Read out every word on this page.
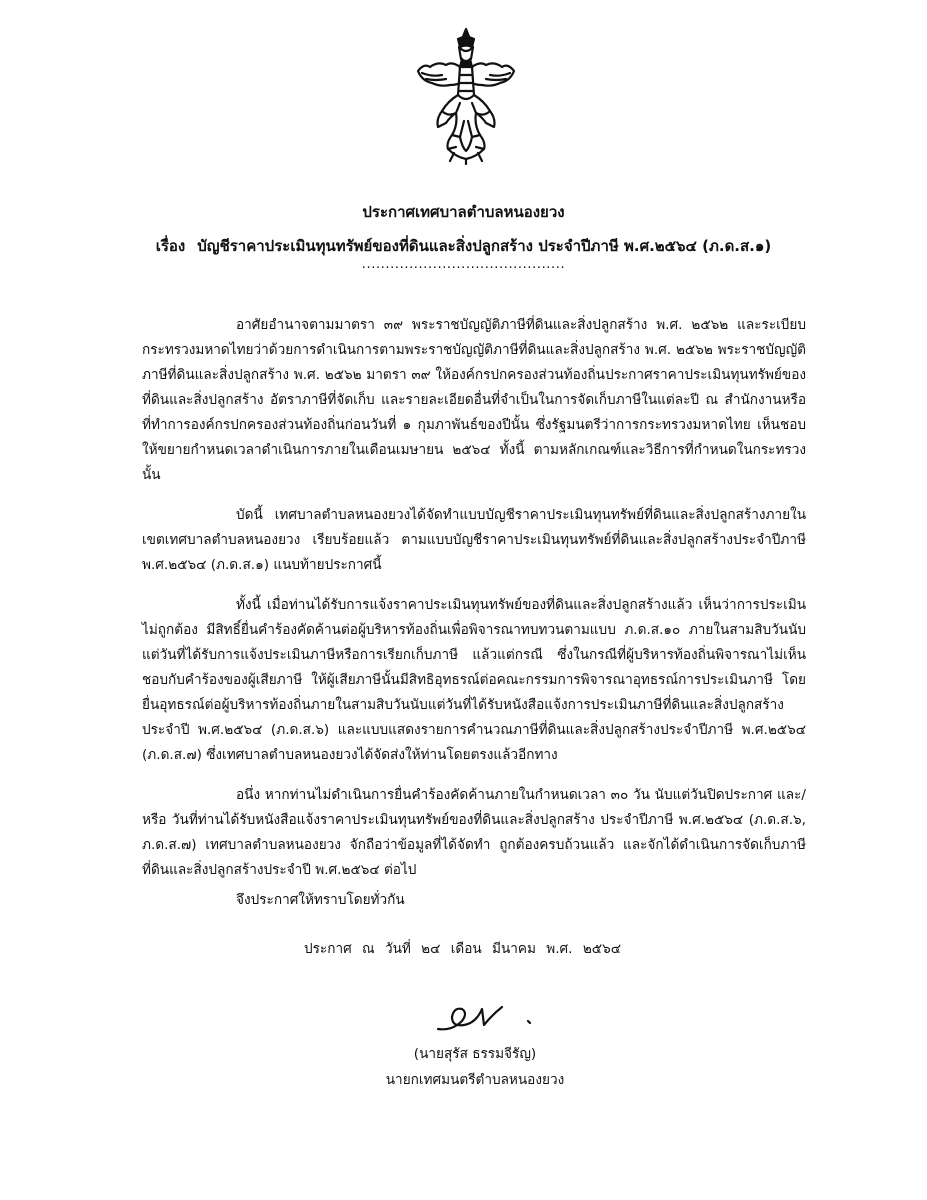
ประกาศเทศบาลตำบลหนองยวง
เรื่อง บัญชีราคาประเมินทุนทรัพย์ของที่ดินและสิ่งปลูกสร้าง ประจำปีภาษี พ.ศ.๒๕๖๔ (ภ.ด.ส.๑)
...........................................

อาศัยอำนาจตามมาตรา ๓๙ พระราชบัญญัติภาษีที่ดินและสิ่งปลูกสร้าง พ.ศ. ๒๕๖๒ และระเบียบกระทรวงมหาดไทยว่าด้วยการดำเนินการตามพระราชบัญญัติภาษีที่ดินและสิ่งปลูกสร้าง พ.ศ. ๒๕๖๒ พระราชบัญญัติภาษีที่ดินและสิ่งปลูกสร้าง พ.ศ. ๒๕๖๒ มาตรา ๓๙ ให้องค์กรปกครองส่วนท้องถิ่นประกาศราคาประเมินทุนทรัพย์ของที่ดินและสิ่งปลูกสร้าง อัตราภาษีที่จัดเก็บ และรายละเอียดอื่นที่จำเป็นในการจัดเก็บภาษีในแต่ละปี ณ สำนักงานหรือที่ทำการองค์กรปกครองส่วนท้องถิ่นก่อนวันที่ ๑ กุมภาพันธ์ของปีนั้น ซึ่งรัฐมนตรีว่าการกระทรวงมหาดไทย เห็นชอบให้ขยายกำหนดเวลาดำเนินการภายในเดือนเมษายน ๒๕๖๔ ทั้งนี้ ตามหลักเกณฑ์และวิธีการที่กำหนดในกระทรวง นั้น

บัดนี้ เทศบาลตำบลหนองยวงได้จัดทำแบบบัญชีราคาประเมินทุนทรัพย์ที่ดินและสิ่งปลูกสร้างภายในเขตเทศบาลตำบลหนองยวง เรียบร้อยแล้ว ตามแบบบัญชีราคาประเมินทุนทรัพย์ที่ดินและสิ่งปลูกสร้างประจำปีภาษี พ.ศ.๒๕๖๔ (ภ.ด.ส.๑) แนบท้ายประกาศนี้

ทั้งนี้ เมื่อท่านได้รับการแจ้งราคาประเมินทุนทรัพย์ของที่ดินและสิ่งปลูกสร้างแล้ว เห็นว่าการประเมินไม่ถูกต้อง มีสิทธิ์ยื่นคำร้องคัดค้านต่อผู้บริหารท้องถิ่นเพื่อพิจารณาทบทวนตามแบบ ภ.ด.ส.๑๐ ภายในสามสิบวันนับแต่วันที่ได้รับการแจ้งประเมินภาษีหรือการเรียกเก็บภาษี แล้วแต่กรณี ซึ่งในกรณีที่ผู้บริหารท้องถิ่นพิจารณาไม่เห็นชอบกับคำร้องของผู้เสียภาษี ให้ผู้เสียภาษีนั้นมีสิทธิอุทธรณ์ต่อคณะกรรมการพิจารณาอุทธรณ์การประเมินภาษี โดยยื่นอุทธรณ์ต่อผู้บริหารท้องถิ่นภายในสามสิบวันนับแต่วันที่ได้รับหนังสือแจ้งการประเมินภาษีที่ดินและสิ่งปลูกสร้าง ประจำปี พ.ศ.๒๕๖๔ (ภ.ด.ส.๖) และแบบแสดงรายการคำนวณภาษีที่ดินและสิ่งปลูกสร้างประจำปีภาษี พ.ศ.๒๕๖๔ (ภ.ด.ส.๗) ซึ่งเทศบาลตำบลหนองยวงได้จัดส่งให้ท่านโดยตรงแล้วอีกทาง

อนึ่ง หากท่านไม่ดำเนินการยื่นคำร้องคัดค้านภายในกำหนดเวลา ๓๐ วัน นับแต่วันปิดประกาศ และ/หรือ วันที่ท่านได้รับหนังสือแจ้งราคาประเมินทุนทรัพย์ของที่ดินและสิ่งปลูกสร้าง ประจำปีภาษี พ.ศ.๒๕๖๔ (ภ.ด.ส.๖, ภ.ด.ส.๗) เทศบาลตำบลหนองยวง จักถือว่าข้อมูลที่ได้จัดทำ ถูกต้องครบถ้วนแล้ว และจักได้ดำเนินการจัดเก็บภาษีที่ดินและสิ่งปลูกสร้างประจำปี พ.ศ.๒๕๖๔ ต่อไป

จึงประกาศให้ทราบโดยทั่วกัน
ประกาศ ณ วันที่ ๒๔ เดือน มีนาคม พ.ศ. ๒๕๖๔
(นายสุรัส ธรรมจีรัญ)
นายกเทศมนตรีตำบลหนองยวง
